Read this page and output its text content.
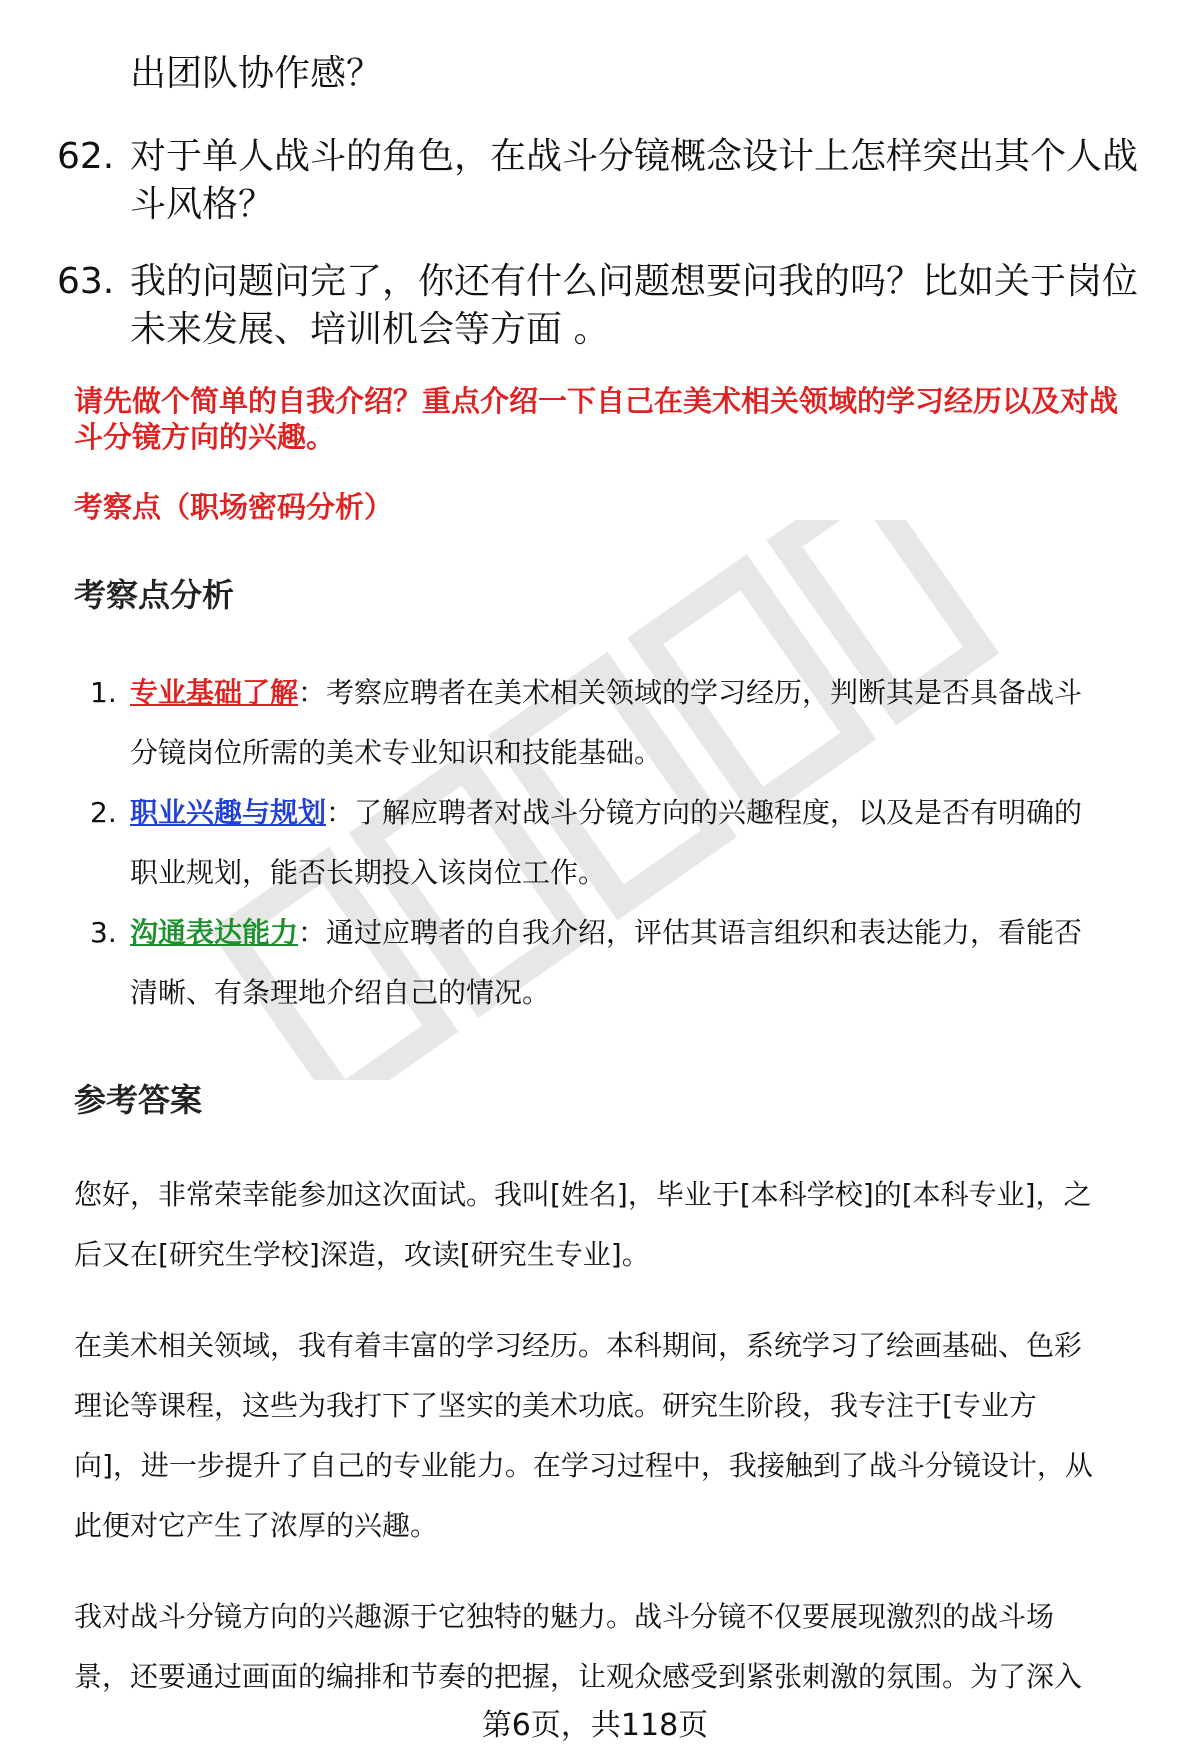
出团队协作感？
62. 对于单人战斗的角色，在战斗分镜概念设计上怎样突出其个人战
斗风格？
63. 我的问题问完了，你还有什么问题想要问我的吗？比如关于岗位
未来发展、培训机会等方面 。
请先做个简单的自我介绍？重点介绍一下自己在美术相关领域的学习经历以及对战
斗分镜方向的兴趣。
考察点（职场密码分析）
考察点分析
1. 专业基础了解：考察应聘者在美术相关领域的学习经历，判断其是否具备战斗
分镜岗位所需的美术专业知识和技能基础。
2. 职业兴趣与规划：了解应聘者对战斗分镜方向的兴趣程度，以及是否有明确的
职业规划，能否长期投入该岗位工作。
3. 沟通表达能力：通过应聘者的自我介绍，评估其语言组织和表达能力，看能否
清晰、有条理地介绍自己的情况。
参考答案
您好，非常荣幸能参加这次面试。我叫[姓名]，毕业于[本科学校]的[本科专业]，之
后又在[研究生学校]深造，攻读[研究生专业]。
在美术相关领域，我有着丰富的学习经历。本科期间，系统学习了绘画基础、色彩
理论等课程，这些为我打下了坚实的美术功底。研究生阶段，我专注于[专业方
向]，进一步提升了自己的专业能力。在学习过程中，我接触到了战斗分镜设计，从
此便对它产生了浓厚的兴趣。
我对战斗分镜方向的兴趣源于它独特的魅力。战斗分镜不仅要展现激烈的战斗场
景，还要通过画面的编排和节奏的把握，让观众感受到紧张刺激的氛围。为了深入
第6页，共118页
